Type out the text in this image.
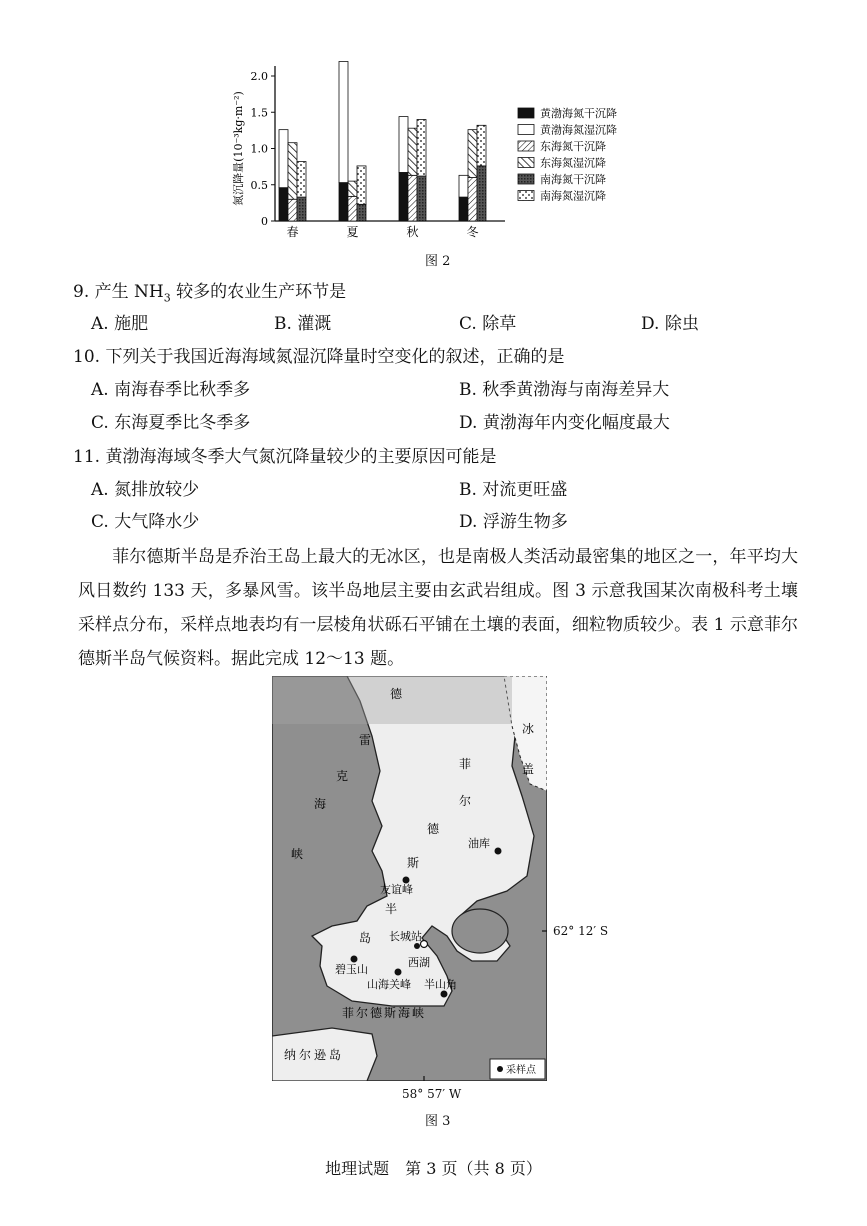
0
0.5
1.0
1.5
2.0
氮沉降量(10⁻³kg·m⁻²)
春	夏	秋	冬
黄渤海氮干沉降
黄渤海氮湿沉降
东海氮干沉降
东海氮湿沉降
南海氮干沉降
南海氮湿沉降
图 2
9. 产生 $NH_3$ 较多的农业生产环节是
A. 施肥	B. 灌溉	C. 除草	D. 除虫
10. 下列关于我国近海海域氮湿沉降量时空变化的叙述，正确的是
A. 南海春季比秋季多	B. 秋季黄渤海与南海差异大
C. 东海夏季比冬季多	D. 黄渤海年内变化幅度最大
11. 黄渤海海域冬季大气氮沉降量较少的主要原因可能是
A. 氮排放较少	B. 对流更旺盛
C. 大气降水少	D. 浮游生物多
菲尔德斯半岛是乔治王岛上最大的无冰区，也是南极人类活动最密集的地区之一，年平均大风日数约 133 天，多暴风雪。该半岛地层主要由玄武岩组成。图 3 示意我国某次南极科考土壤采样点分布，采样点地表均有一层棱角状砾石平铺在土壤的表面，细粒物质较少。表 1 示意菲尔德斯半岛气候资料。据此完成 12～13 题。
德
雷
克
海
峡
菲
尔
德
斯
半
岛
冰
盖
油库
友谊峰
长城站
碧玉山
西湖
山海关峰 半山角
菲尔德斯海峡
纳尔逊岛
采样点
62° 12′ S
58° 57′ W
图 3
地理试题　第 3 页（共 8 页）
